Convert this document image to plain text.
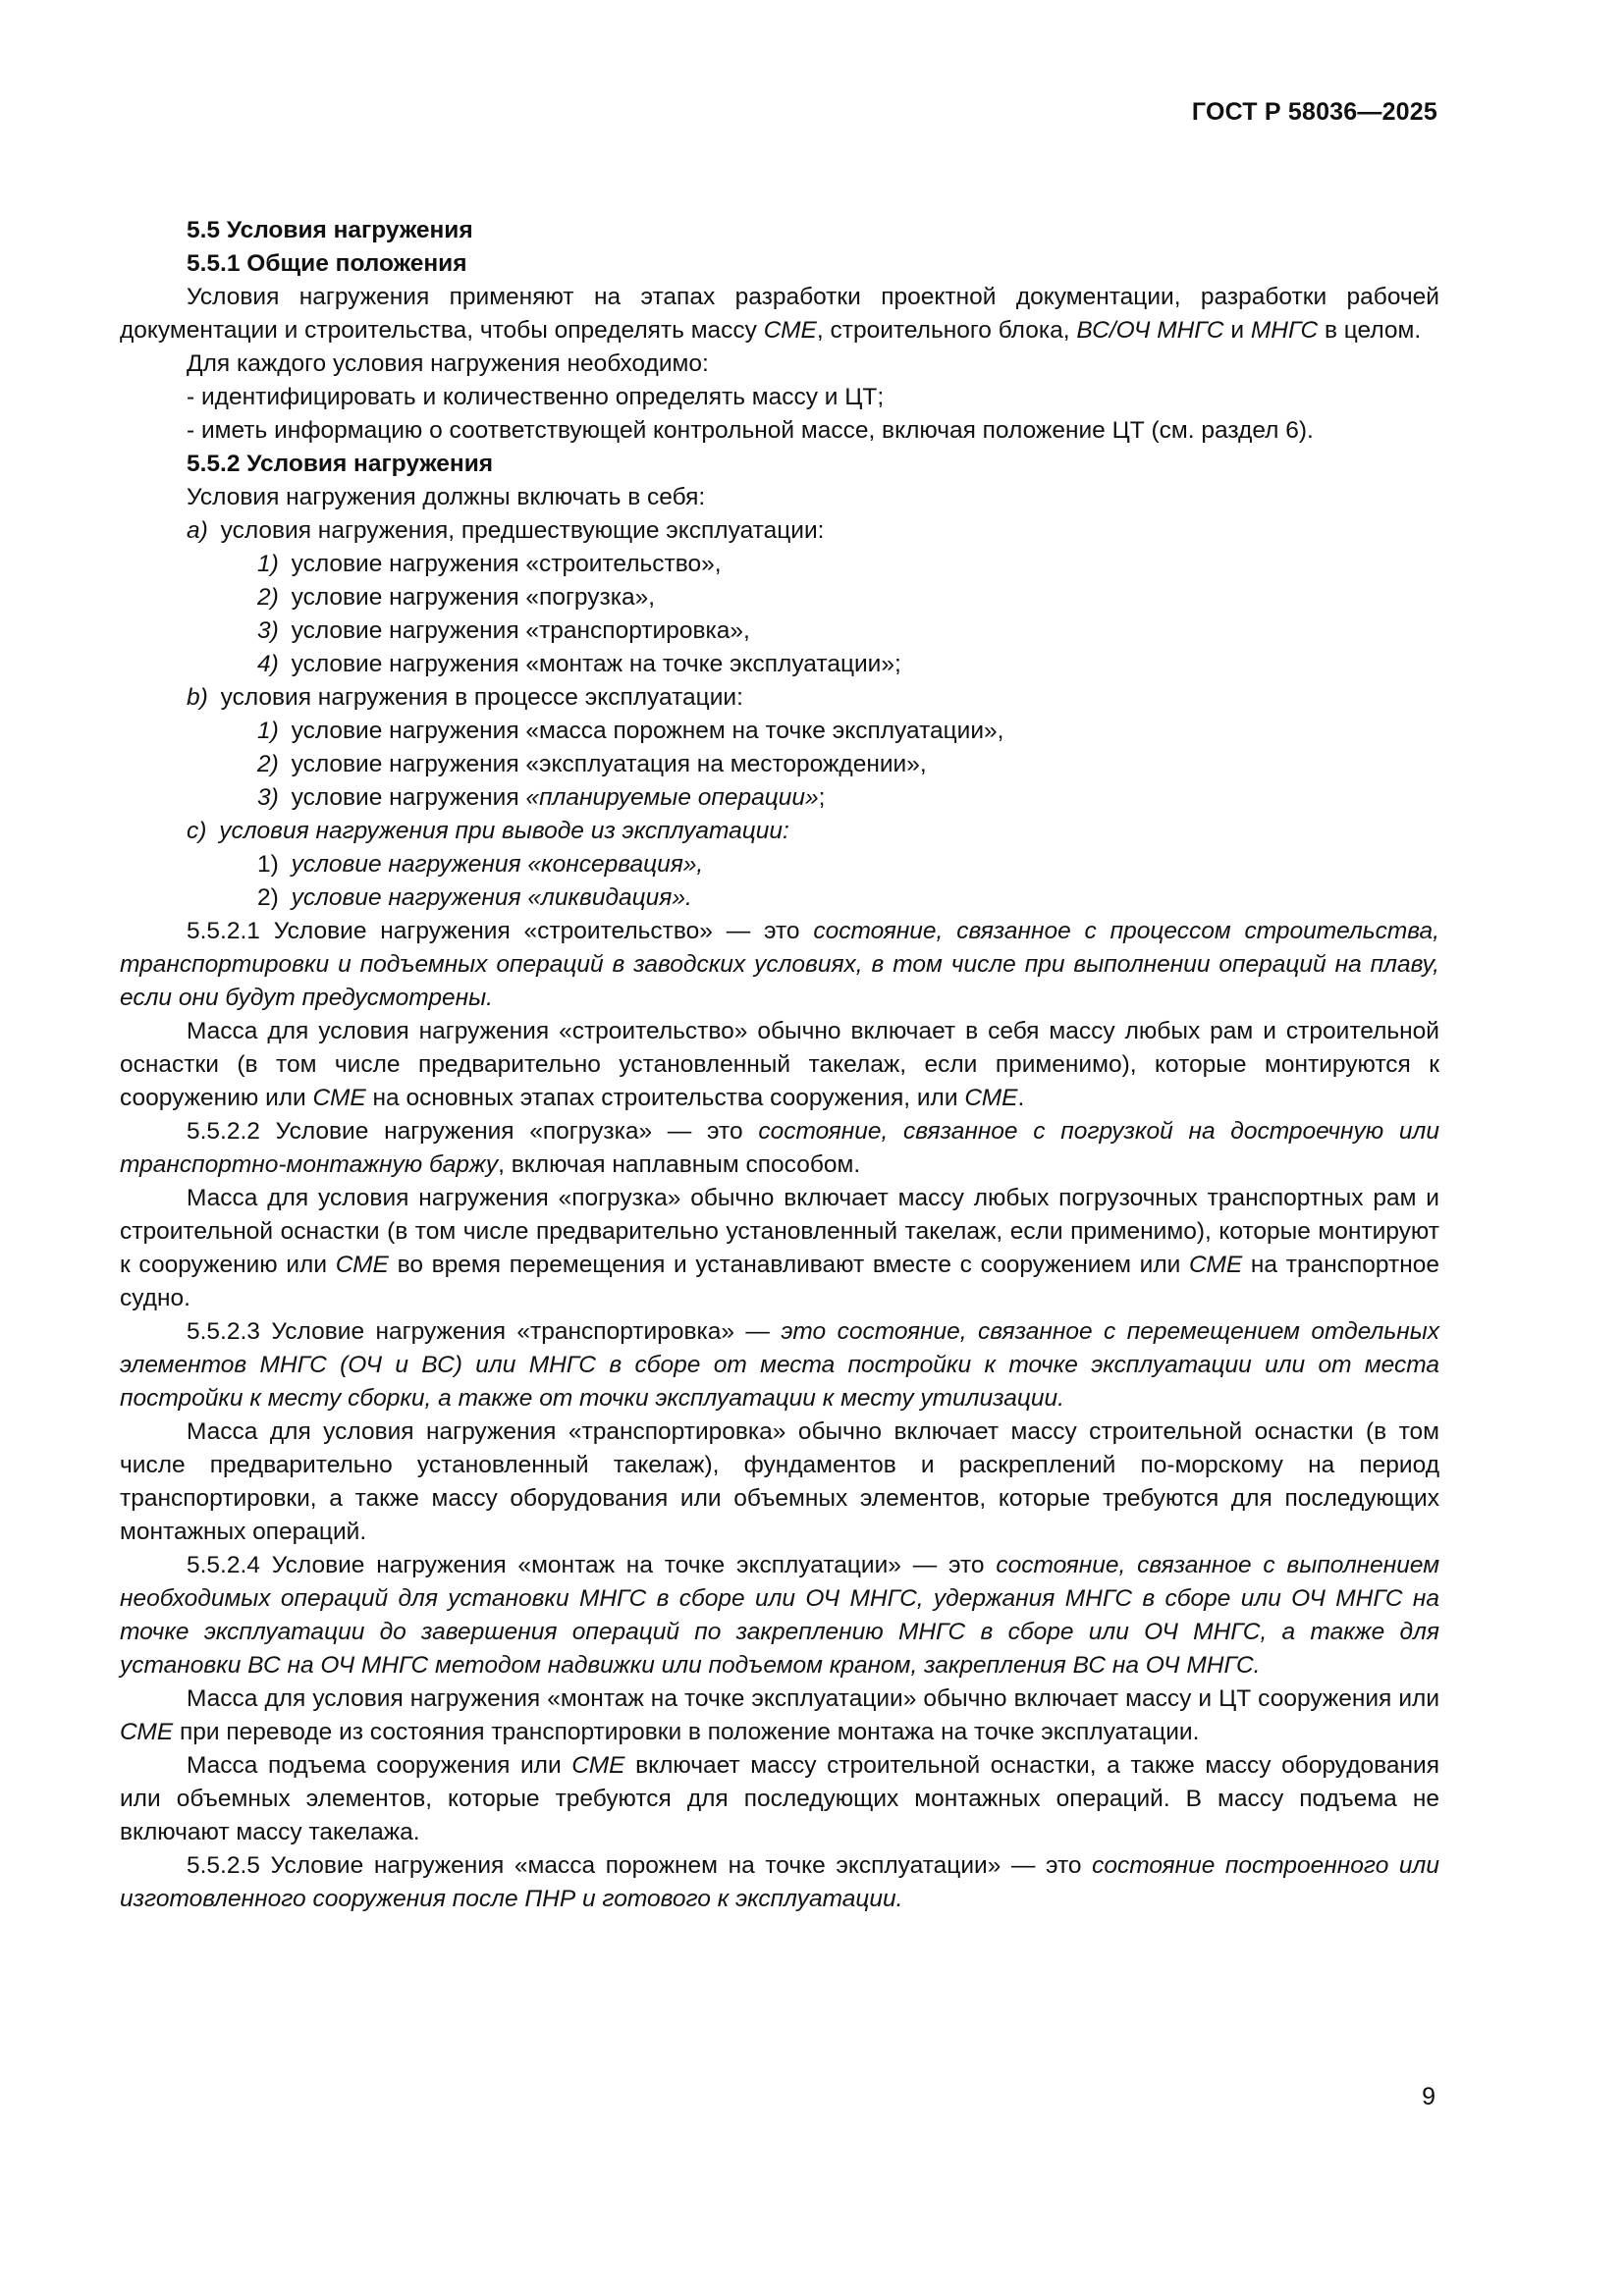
ГОСТ Р 58036—2025
5.5 Условия нагружения
5.5.1 Общие положения
Условия нагружения применяют на этапах разработки проектной документации, разработки рабочей документации и строительства, чтобы определять массу СМЕ, строительного блока, ВС/ОЧ МНГС и МНГС в целом.
Для каждого условия нагружения необходимо:
- идентифицировать и количественно определять массу и ЦТ;
- иметь информацию о соответствующей контрольной массе, включая положение ЦТ (см. раздел 6).
5.5.2 Условия нагружения
Условия нагружения должны включать в себя:
a) условия нагружения, предшествующие эксплуатации:
1) условие нагружения «строительство»,
2) условие нагружения «погрузка»,
3) условие нагружения «транспортировка»,
4) условие нагружения «монтаж на точке эксплуатации»;
b) условия нагружения в процессе эксплуатации:
1) условие нагружения «масса порожнем на точке эксплуатации»,
2) условие нагружения «эксплуатация на месторождении»,
3) условие нагружения «планируемые операции»;
с) условия нагружения при выводе из эксплуатации:
1) условие нагружения «консервация»,
2) условие нагружения «ликвидация».
5.5.2.1 Условие нагружения «строительство» — это состояние, связанное с процессом строительства, транспортировки и подъемных операций в заводских условиях, в том числе при выполнении операций на плаву, если они будут предусмотрены.
Масса для условия нагружения «строительство» обычно включает в себя массу любых рам и строительной оснастки (в том числе предварительно установленный такелаж, если применимо), которые монтируются к сооружению или СМЕ на основных этапах строительства сооружения, или СМЕ.
5.5.2.2 Условие нагружения «погрузка» — это состояние, связанное с погрузкой на достроечную или транспортно-монтажную баржу, включая наплавным способом.
Масса для условия нагружения «погрузка» обычно включает массу любых погрузочных транспортных рам и строительной оснастки (в том числе предварительно установленный такелаж, если применимо), которые монтируют к сооружению или СМЕ во время перемещения и устанавливают вместе с сооружением или СМЕ на транспортное судно.
5.5.2.3 Условие нагружения «транспортировка» — это состояние, связанное с перемещением отдельных элементов МНГС (ОЧ и ВС) или МНГС в сборе от места постройки к точке эксплуатации или от места постройки к месту сборки, а также от точки эксплуатации к месту утилизации.
Масса для условия нагружения «транспортировка» обычно включает массу строительной оснастки (в том числе предварительно установленный такелаж), фундаментов и раскреплений по-морскому на период транспортировки, а также массу оборудования или объемных элементов, которые требуются для последующих монтажных операций.
5.5.2.4 Условие нагружения «монтаж на точке эксплуатации» — это состояние, связанное с выполнением необходимых операций для установки МНГС в сборе или ОЧ МНГС, удержания МНГС в сборе или ОЧ МНГС на точке эксплуатации до завершения операций по закреплению МНГС в сборе или ОЧ МНГС, а также для установки ВС на ОЧ МНГС методом надвижки или подъемом краном, закрепления ВС на ОЧ МНГС.
Масса для условия нагружения «монтаж на точке эксплуатации» обычно включает массу и ЦТ сооружения или СМЕ при переводе из состояния транспортировки в положение монтажа на точке эксплуатации.
Масса подъема сооружения или СМЕ включает массу строительной оснастки, а также массу оборудования или объемных элементов, которые требуются для последующих монтажных операций. В массу подъема не включают массу такелажа.
5.5.2.5 Условие нагружения «масса порожнем на точке эксплуатации» — это состояние построенного или изготовленного сооружения после ПНР и готового к эксплуатации.
9
